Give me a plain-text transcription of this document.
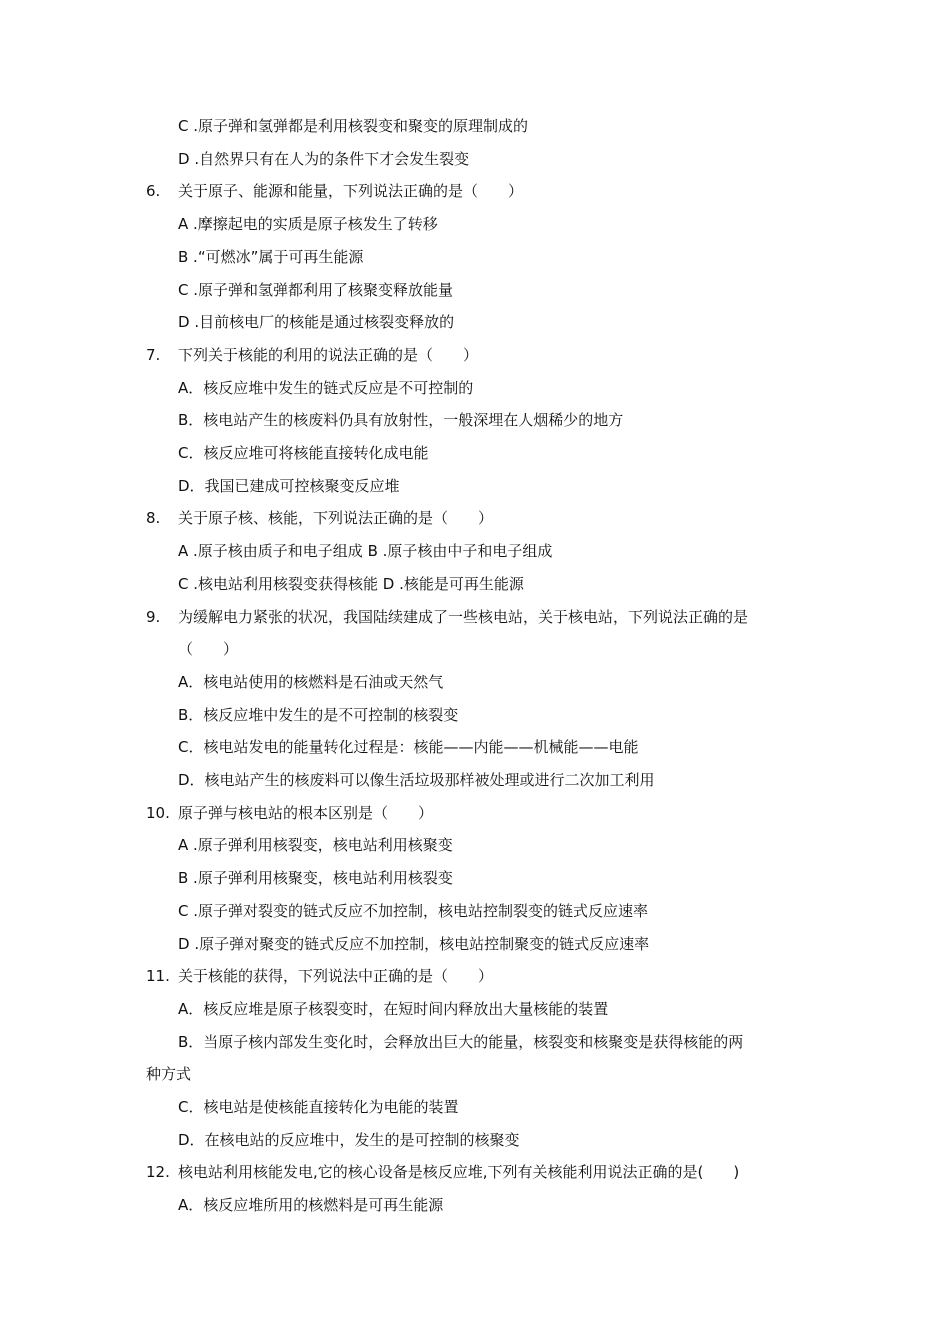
C .原子弹和氢弹都是利用核裂变和聚变的原理制成的
D .自然界只有在人为的条件下才会发生裂变
6. 关于原子、能源和能量，下列说法正确的是（　　）
A .摩擦起电的实质是原子核发生了转移
B .“可燃冰”属于可再生能源
C .原子弹和氢弹都利用了核聚变释放能量
D .目前核电厂的核能是通过核裂变释放的
7. 下列关于核能的利用的说法正确的是（　　）
A．核反应堆中发生的链式反应是不可控制的
B．核电站产生的核废料仍具有放射性，一般深埋在人烟稀少的地方
C．核反应堆可将核能直接转化成电能
D．我国已建成可控核聚变反应堆
8. 关于原子核、核能，下列说法正确的是（　　）
A .原子核由质子和电子组成 B .原子核由中子和电子组成
C .核电站利用核裂变获得核能 D .核能是可再生能源
9. 为缓解电力紧张的状况，我国陆续建成了一些核电站，关于核电站，下列说法正确的是
（　　）
A．核电站使用的核燃料是石油或天然气
B．核反应堆中发生的是不可控制的核裂变
C．核电站发电的能量转化过程是：核能——内能——机械能——电能
D．核电站产生的核废料可以像生活垃圾那样被处理或进行二次加工利用
10. 原子弹与核电站的根本区别是（　　）
A .原子弹利用核裂变，核电站利用核聚变
B .原子弹利用核聚变，核电站利用核裂变
C .原子弹对裂变的链式反应不加控制，核电站控制裂变的链式反应速率
D .原子弹对聚变的链式反应不加控制，核电站控制聚变的链式反应速率
11. 关于核能的获得，下列说法中正确的是（　　）
A．核反应堆是原子核裂变时，在短时间内释放出大量核能的装置
B．当原子核内部发生变化时，会释放出巨大的能量，核裂变和核聚变是获得核能的两
种方式
C．核电站是使核能直接转化为电能的装置
D．在核电站的反应堆中，发生的是可控制的核聚变
12. 核电站利用核能发电,它的核心设备是核反应堆,下列有关核能利用说法正确的是(　　)
A．核反应堆所用的核燃料是可再生能源
